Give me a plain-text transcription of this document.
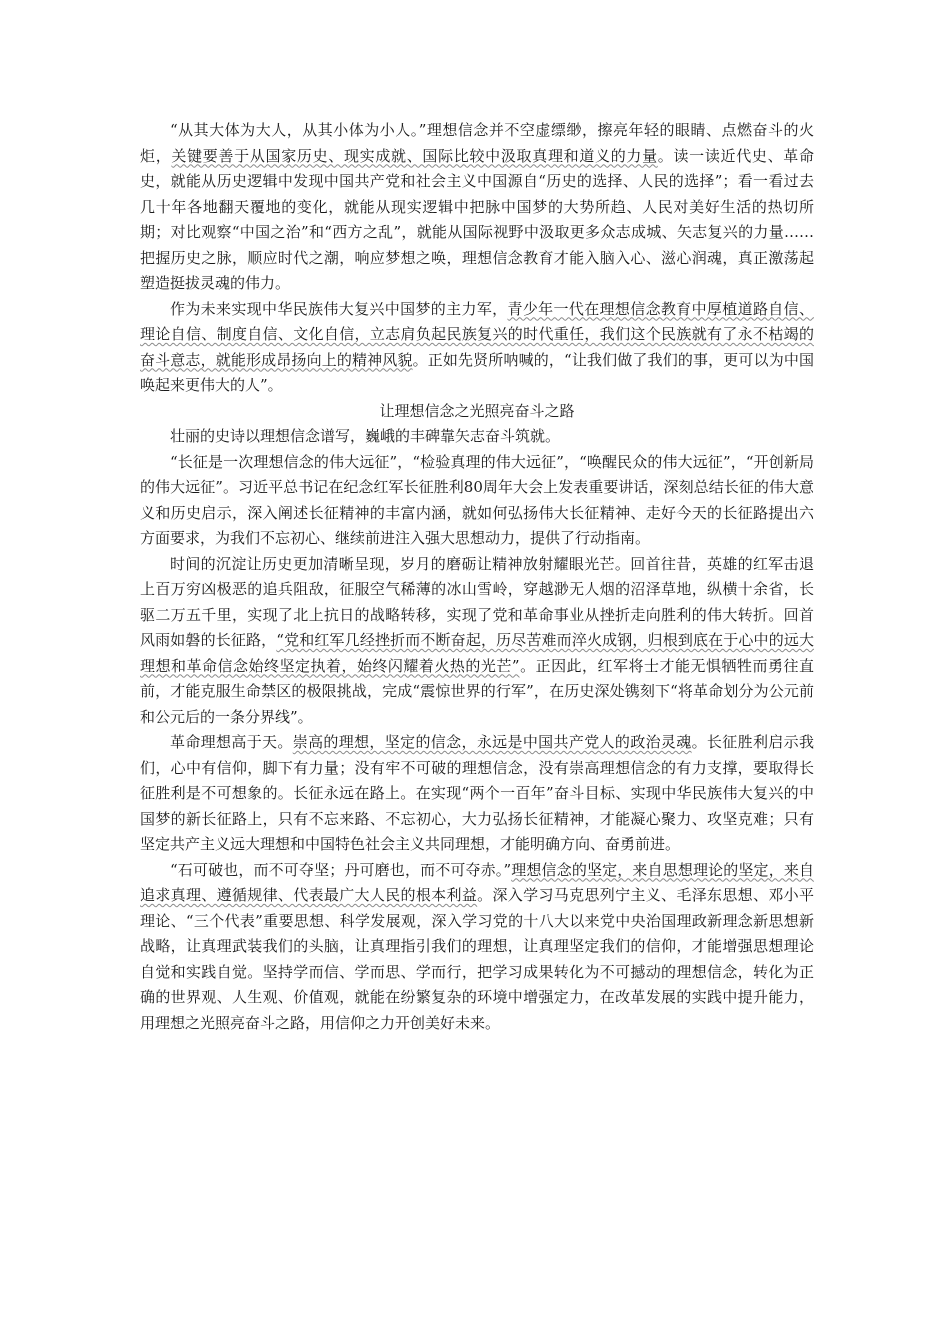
“从其大体为大人，从其小体为小人。”理想信念并不空虚缥缈，擦亮年轻的眼睛、点燃奋斗的火炬，关键要善于从国家历史、现实成就、国际比较中汲取真理和道义的力量。读一读近代史、革命史，就能从历史逻辑中发现中国共产党和社会主义中国源自“历史的选择、人民的选择”；看一看过去几十年各地翻天覆地的变化，就能从现实逻辑中把脉中国梦的大势所趋、人民对美好生活的热切所期；对比观察“中国之治”和“西方之乱”，就能从国际视野中汲取更多众志成城、矢志复兴的力量……把握历史之脉，顺应时代之潮，响应梦想之唤，理想信念教育才能入脑入心、滋心润魂，真正激荡起塑造挺拔灵魂的伟力。

作为未来实现中华民族伟大复兴中国梦的主力军，青少年一代在理想信念教育中厚植道路自信、理论自信、制度自信、文化自信，立志肩负起民族复兴的时代重任，我们这个民族就有了永不枯竭的奋斗意志，就能形成昂扬向上的精神风貌。正如先贤所呐喊的，“让我们做了我们的事，更可以为中国唤起来更伟大的人”。

让理想信念之光照亮奋斗之路

壮丽的史诗以理想信念谱写，巍峨的丰碑靠矢志奋斗筑就。

“长征是一次理想信念的伟大远征”，“检验真理的伟大远征”，“唤醒民众的伟大远征”，“开创新局的伟大远征”。习近平总书记在纪念红军长征胜利80周年大会上发表重要讲话，深刻总结长征的伟大意义和历史启示，深入阐述长征精神的丰富内涵，就如何弘扬伟大长征精神、走好今天的长征路提出六方面要求，为我们不忘初心、继续前进注入强大思想动力，提供了行动指南。

时间的沉淀让历史更加清晰呈现，岁月的磨砺让精神放射耀眼光芒。回首往昔，英雄的红军击退上百万穷凶极恶的追兵阻敌，征服空气稀薄的冰山雪岭，穿越渺无人烟的沼泽草地，纵横十余省，长驱二万五千里，实现了北上抗日的战略转移，实现了党和革命事业从挫折走向胜利的伟大转折。回首风雨如磐的长征路，“党和红军几经挫折而不断奋起，历尽苦难而淬火成钢，归根到底在于心中的远大理想和革命信念始终坚定执着，始终闪耀着火热的光芒”。正因此，红军将士才能无惧牺牲而勇往直前，才能克服生命禁区的极限挑战，完成“震惊世界的行军”，在历史深处镌刻下“将革命划分为公元前和公元后的一条分界线”。

革命理想高于天。崇高的理想，坚定的信念，永远是中国共产党人的政治灵魂。长征胜利启示我们，心中有信仰，脚下有力量；没有牢不可破的理想信念，没有崇高理想信念的有力支撑，要取得长征胜利是不可想象的。长征永远在路上。在实现“两个一百年”奋斗目标、实现中华民族伟大复兴的中国梦的新长征路上，只有不忘来路、不忘初心，大力弘扬长征精神，才能凝心聚力、攻坚克难；只有坚定共产主义远大理想和中国特色社会主义共同理想，才能明确方向、奋勇前进。

“石可破也，而不可夺坚；丹可磨也，而不可夺赤。”理想信念的坚定，来自思想理论的坚定，来自追求真理、遵循规律、代表最广大人民的根本利益。深入学习马克思列宁主义、毛泽东思想、邓小平理论、“三个代表”重要思想、科学发展观，深入学习党的十八大以来党中央治国理政新理念新思想新战略，让真理武装我们的头脑，让真理指引我们的理想，让真理坚定我们的信仰，才能增强思想理论自觉和实践自觉。坚持学而信、学而思、学而行，把学习成果转化为不可撼动的理想信念，转化为正确的世界观、人生观、价值观，就能在纷繁复杂的环境中增强定力，在改革发展的实践中提升能力，用理想之光照亮奋斗之路，用信仰之力开创美好未来。
